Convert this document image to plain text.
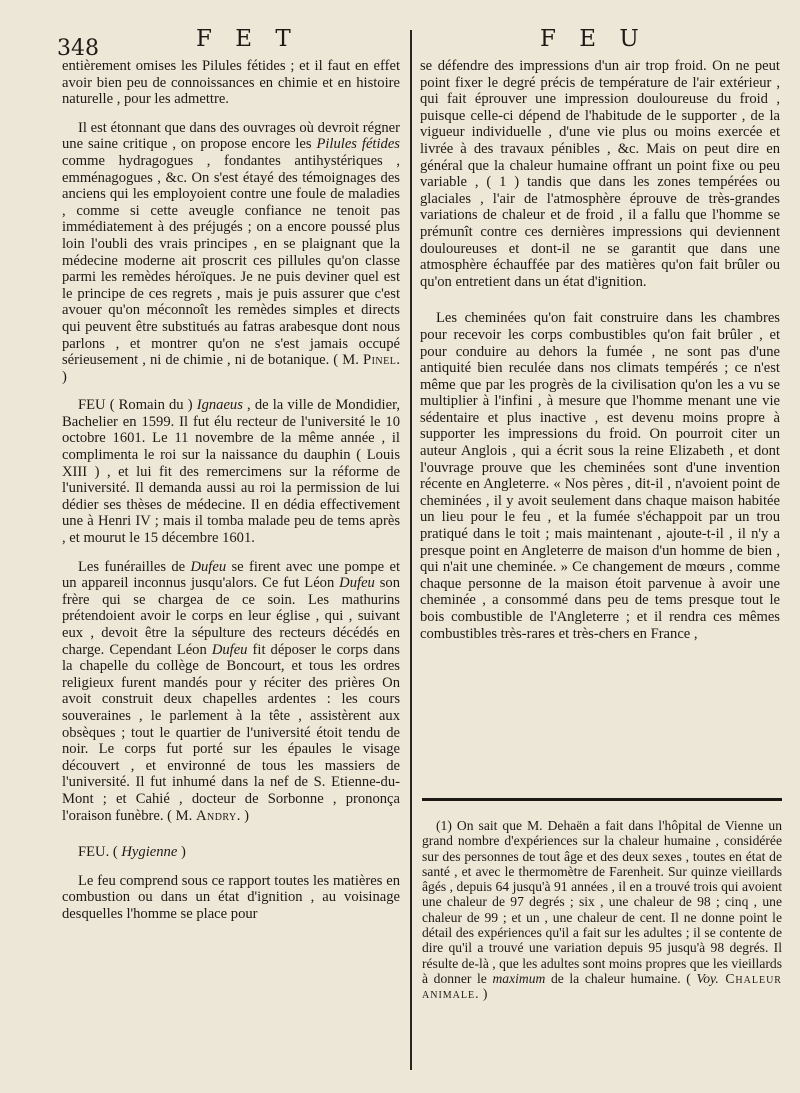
348	F E T	F E U

entièrement omises les Pilules fétides ; et il faut en effet avoir bien peu de connoissances en chimie et en histoire naturelle , pour les admettre.

Il est étonnant que dans des ouvrages où devroit régner une saine critique , on propose encore les Pilules fétides comme hydragogues , fondantes antihystériques , emménagogues , &c. On s'est étayé des témoignages des anciens qui les employoient contre une foule de maladies , comme si cette aveugle confiance ne tenoit pas immédiatement à des préjugés ; on a encore poussé plus loin l'oubli des vrais principes , en se plaignant que la médecine moderne ait proscrit ces pillules qu'on classe parmi les remèdes héroïques. Je ne puis deviner quel est le principe de ces regrets , mais je puis assurer que c'est avouer qu'on méconnoît les remèdes simples et directs qui peuvent être substitués au fatras arabesque dont nous parlons , et montrer qu'on ne s'est jamais occupé sérieusement , ni de chimie , ni de botanique. ( M. Pinel. )

FEU ( Romain du ) Ignaeus , de la ville de Mondidier, Bachelier en 1599. Il fut élu recteur de l'université le 10 octobre 1601. Le 11 novembre de la même année , il complimenta le roi sur la naissance du dauphin ( Louis XIII ) , et lui fit des remercimens sur la réforme de l'université. Il demanda aussi au roi la permission de lui dédier ses thèses de médecine. Il en dédia effectivement une à Henri IV ; mais il tomba malade peu de tems après , et mourut le 15 décembre 1601.

Les funérailles de Dufeu se firent avec une pompe et un appareil inconnus jusqu'alors. Ce fut Léon Dufeu son frère qui se chargea de ce soin. Les mathurins prétendoient avoir le corps en leur église , qui , suivant eux , devoit être la sépulture des recteurs décédés en charge. Cependant Léon Dufeu fit déposer le corps dans la chapelle du collège de Boncourt, et tous les ordres religieux furent mandés pour y réciter des prières On avoit construit deux chapelles ardentes : les cours souveraines , le parlement à la tête , assistèrent aux obsèques ; tout le quartier de l'université étoit tendu de noir. Le corps fut porté sur les épaules le visage découvert , et environné de tous les massiers de l'université. Il fut inhumé dans la nef de S. Etienne-du-Mont ; et Cahié , docteur de Sorbonne , prononça l'oraison funèbre. ( M. Andry. )

FEU. ( Hygienne )

Le feu comprend sous ce rapport toutes les matières en combustion ou dans un état d'ignition , au voisinage desquelles l'homme se place pour

se défendre des impressions d'un air trop froid. On ne peut point fixer le degré précis de température de l'air extérieur , qui fait éprouver une impression douloureuse du froid , puisque celle-ci dépend de l'habitude de le supporter , de la vigueur individuelle , d'une vie plus ou moins exercée et livrée à des travaux pénibles , &c. Mais on peut dire en général que la chaleur humaine offrant un point fixe ou peu variable , ( 1 ) tandis que dans les zones tempérées ou glaciales , l'air de l'atmosphère éprouve de très-grandes variations de chaleur et de froid , il a fallu que l'homme se prémunît contre ces dernières impressions qui deviennent douloureuses et dont-il ne se garantit que dans une atmosphère échauffée par des matières qu'on fait brûler ou qu'on entretient dans un état d'ignition.

Les cheminées qu'on fait construire dans les chambres pour recevoir les corps combustibles qu'on fait brûler , et pour conduire au dehors la fumée , ne sont pas d'une antiquité bien reculée dans nos climats tempérés ; ce n'est même que par les progrès de la civilisation qu'on les a vu se multiplier à l'infini , à mesure que l'homme menant une vie sédentaire et plus inactive , est devenu moins propre à supporter les impressions du froid. On pourroit citer un auteur Anglois , qui a écrit sous la reine Elizabeth , et dont l'ouvrage prouve que les cheminées sont d'une invention récente en Angleterre. « Nos pères , dit-il , n'avoient point de cheminées , il y avoit seulement dans chaque maison habitée un lieu pour le feu , et la fumée s'échappoit par un trou pratiqué dans le toit ; mais maintenant , ajoute-t-il , il n'y a presque point en Angleterre de maison d'un homme de bien , qui n'ait une cheminée. » Ce changement de mœurs , comme chaque personne de la maison étoit parvenue à avoir une cheminée , a consommé dans peu de tems presque tout le bois combustible de l'Angleterre ; et il rendra ces mêmes combustibles très-rares et très-chers en France ,

(1) On sait que M. Dehaën a fait dans l'hôpital de Vienne un grand nombre d'expériences sur la chaleur humaine , considérée sur des personnes de tout âge et des deux sexes , toutes en état de santé , et avec le thermomètre de Farenheit. Sur quinze vieillards âgés , depuis 64 jusqu'à 91 années , il en a trouvé trois qui avoient une chaleur de 97 degrés ; six , une chaleur de 98 ; cinq , une chaleur de 99 ; et un , une chaleur de cent. Il ne donne point le détail des expériences qu'il a fait sur les adultes ; il se contente de dire qu'il a trouvé une variation depuis 95 jusqu'à 98 degrés. Il résulte de-là , que les adultes sont moins propres que les vieillards à donner le maximum de la chaleur humaine. ( Voy. Chaleur animale. )
